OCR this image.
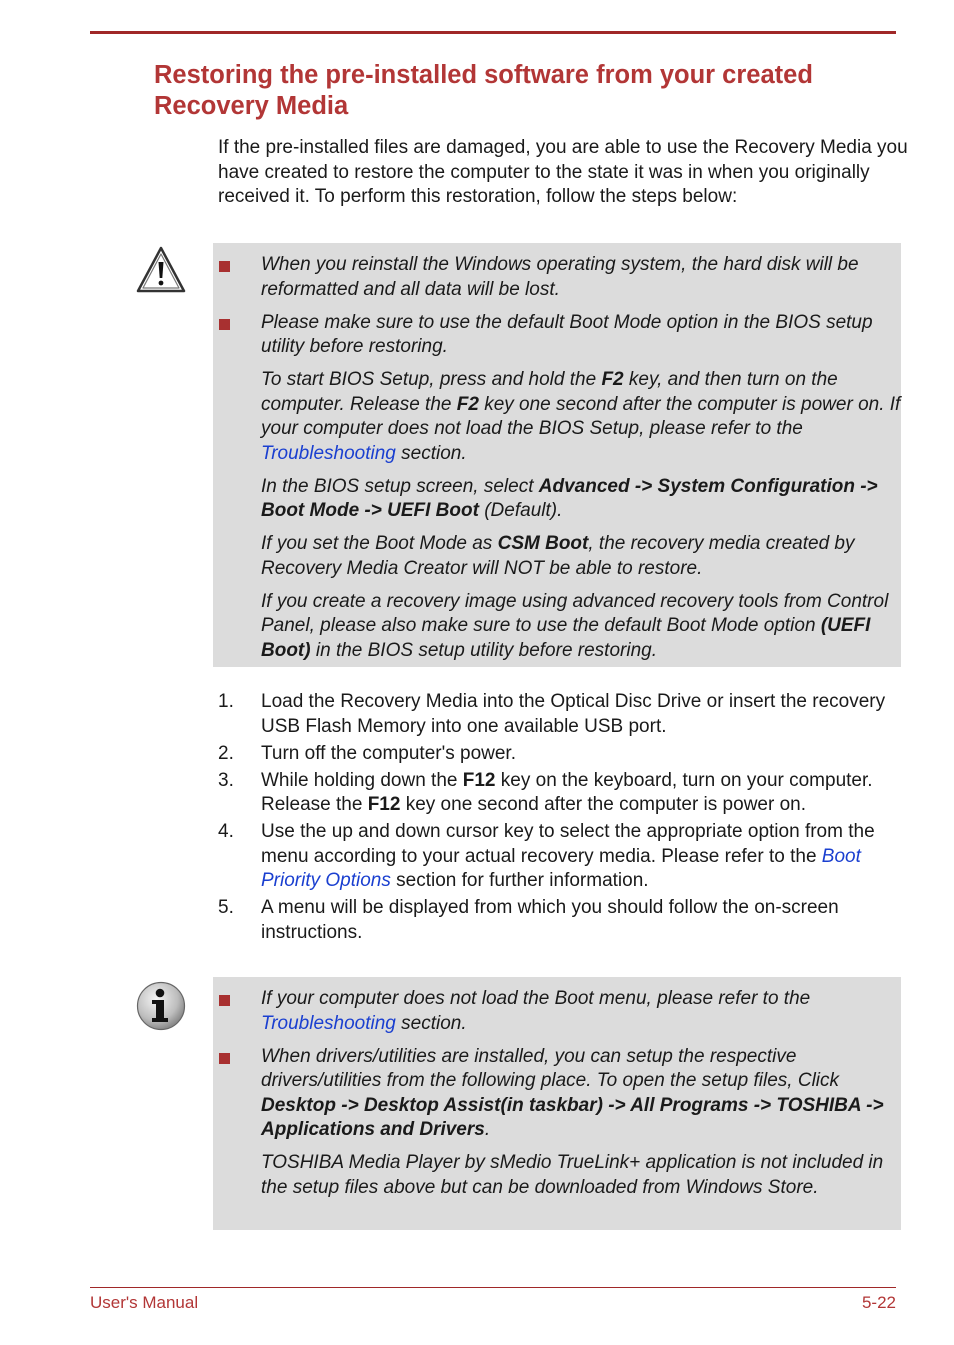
Restoring the pre-installed software from your created Recovery Media

If the pre-installed files are damaged, you are able to use the Recovery Media you have created to restore the computer to the state it was in when you originally received it. To perform this restoration, follow the steps below:

When you reinstall the Windows operating system, the hard disk will be reformatted and all data will be lost.
Please make sure to use the default Boot Mode option in the BIOS setup utility before restoring.
To start BIOS Setup, press and hold the F2 key, and then turn on the computer. Release the F2 key one second after the computer is power on. If your computer does not load the BIOS Setup, please refer to the Troubleshooting section.
In the BIOS setup screen, select Advanced -> System Configuration -> Boot Mode -> UEFI Boot (Default).
If you set the Boot Mode as CSM Boot, the recovery media created by Recovery Media Creator will NOT be able to restore.
If you create a recovery image using advanced recovery tools from Control Panel, please also make sure to use the default Boot Mode option (UEFI Boot) in the BIOS setup utility before restoring.
1. Load the Recovery Media into the Optical Disc Drive or insert the recovery USB Flash Memory into one available USB port.
2. Turn off the computer's power.
3. While holding down the F12 key on the keyboard, turn on your computer. Release the F12 key one second after the computer is power on.
4. Use the up and down cursor key to select the appropriate option from the menu according to your actual recovery media. Please refer to the Boot Priority Options section for further information.
5. A menu will be displayed from which you should follow the on-screen instructions.
If your computer does not load the Boot menu, please refer to the Troubleshooting section.
When drivers/utilities are installed, you can setup the respective drivers/utilities from the following place. To open the setup files, Click Desktop -> Desktop Assist(in taskbar) -> All Programs -> TOSHIBA -> Applications and Drivers.
TOSHIBA Media Player by sMedio TrueLink+ application is not included in the setup files above but can be downloaded from Windows Store.
User's Manual	5-22
